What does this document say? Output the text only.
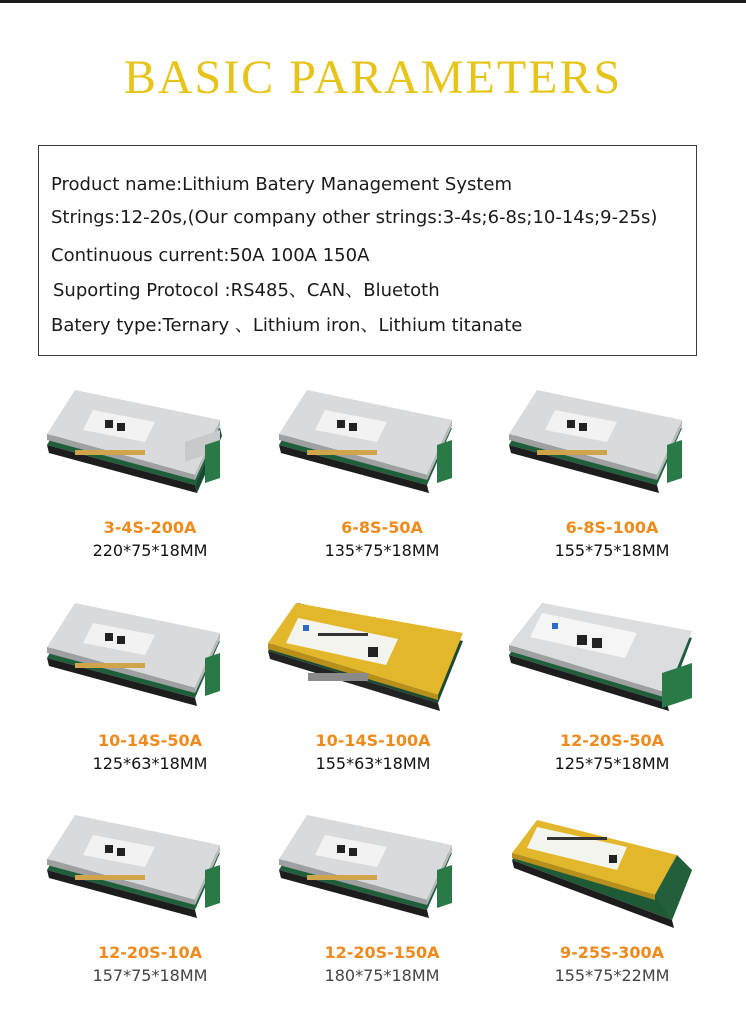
BASIC PARAMETERS
Product name:Lithium Batery Management System
Strings:12-20s,(Our company other strings:3-4s;6-8s;10-14s;9-25s)
Continuous current:50A 100A 150A
Suporting Protocol :RS485、CAN、Bluetoth
Batery type:Ternary 、Lithium iron、Lithium titanate
3-4S-200A
220*75*18MM
6-8S-50A
135*75*18MM
6-8S-100A
155*75*18MM
10-14S-50A
125*63*18MM
10-14S-100A
155*63*18MM
12-20S-50A
125*75*18MM
12-20S-10A
157*75*18MM
12-20S-150A
180*75*18MM
9-25S-300A
155*75*22MM
